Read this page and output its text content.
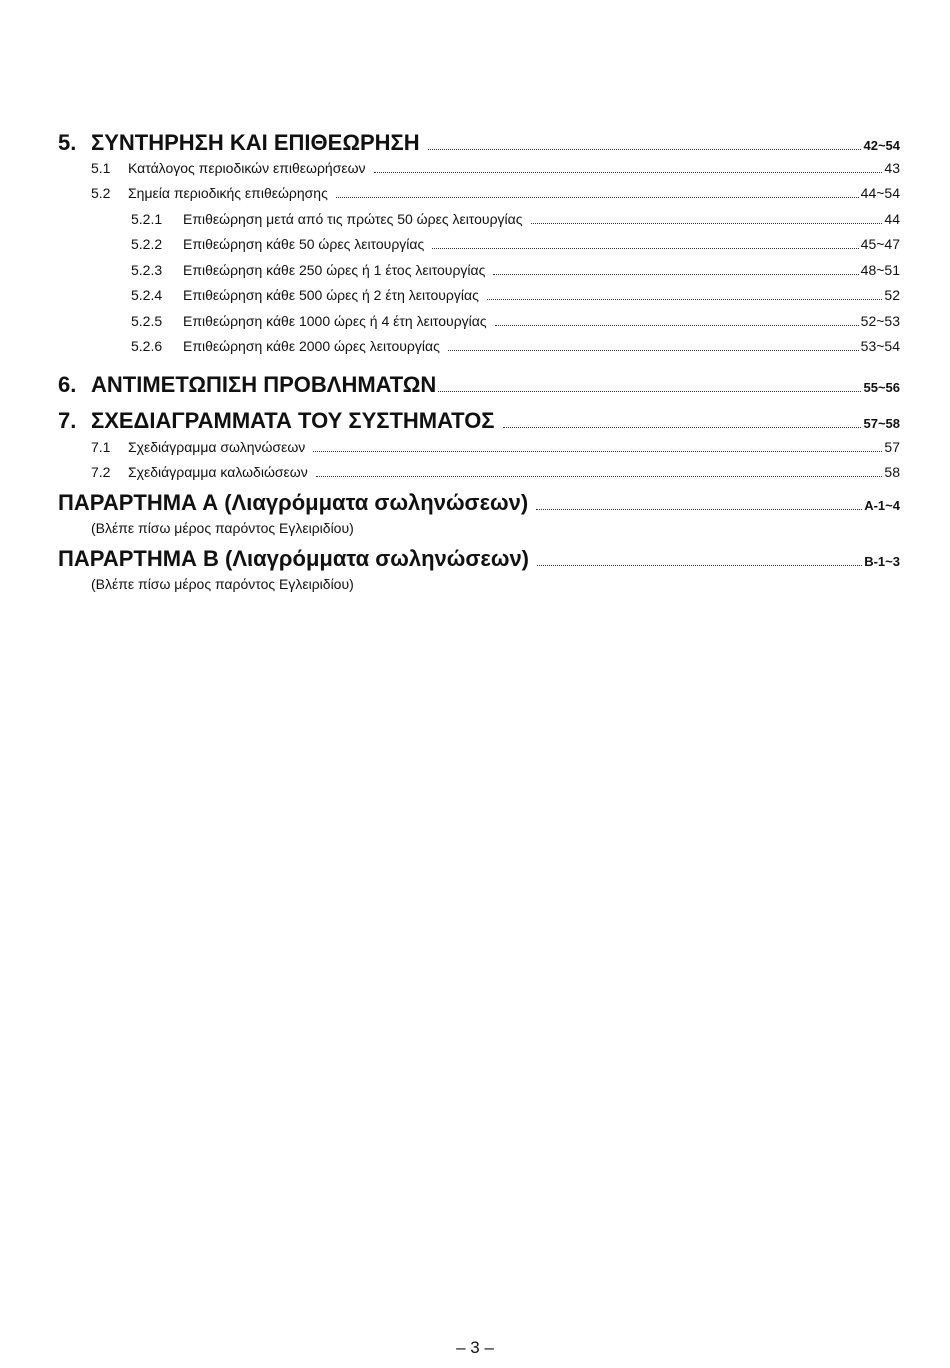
5. ΣΥΝΤΗΡΗΣΗ ΚΑΙ ΕΠΙΘΕΩΡΗΣΗ	42~54
5.1	Κατάλογος περιοδικών επιθεωρήσεων	43
5.2	Σημεία περιοδικής επιθεώρησης	44~54
5.2.1	Επιθεώρηση μετά από τις πρώτες 50 ώρες λειτουργίας	44
5.2.2	Επιθεώρηση κάθε 50 ώρες λειτουργίας	45~47
5.2.3	Επιθεώρηση κάθε 250 ώρες ή 1 έτος λειτουργίας	48~51
5.2.4	Επιθεώρηση κάθε 500 ώρες ή 2 έτη λειτουργίας	52
5.2.5	Επιθεώρηση κάθε 1000 ώρες ή 4 έτη λειτουργίας	52~53
5.2.6	Επιθεώρηση κάθε 2000 ώρες λειτουργίας	53~54
6. ΑΝΤΙΜΕΤΩΠΙΣΗ ΠΡΟΒΛΗΜΑΤΩΝ	55~56
7. ΣΧΕΔΙΑΓΡΑΜΜΑΤΑ ΤΟΥ ΣΥΣΤΗΜΑΤΟΣ	57~58
7.1	Σχεδιάγραμμα σωληνώσεων	57
7.2	Σχεδιάγραμμα καλωδιώσεων	58
ΠΑΡΑΡΤΗΜΑ Α (Λιαγρόμματα σωληνώσεων)	A-1~4
(Βλέπε πίσω μέρος παρόντος Εγλειριδίου)
ΠΑΡΑΡΤΗΜΑ Β (Λιαγρόμματα σωληνώσεων)	B-1~3
(Βλέπε πίσω μέρος παρόντος Εγλειριδίου)
– 3 –
